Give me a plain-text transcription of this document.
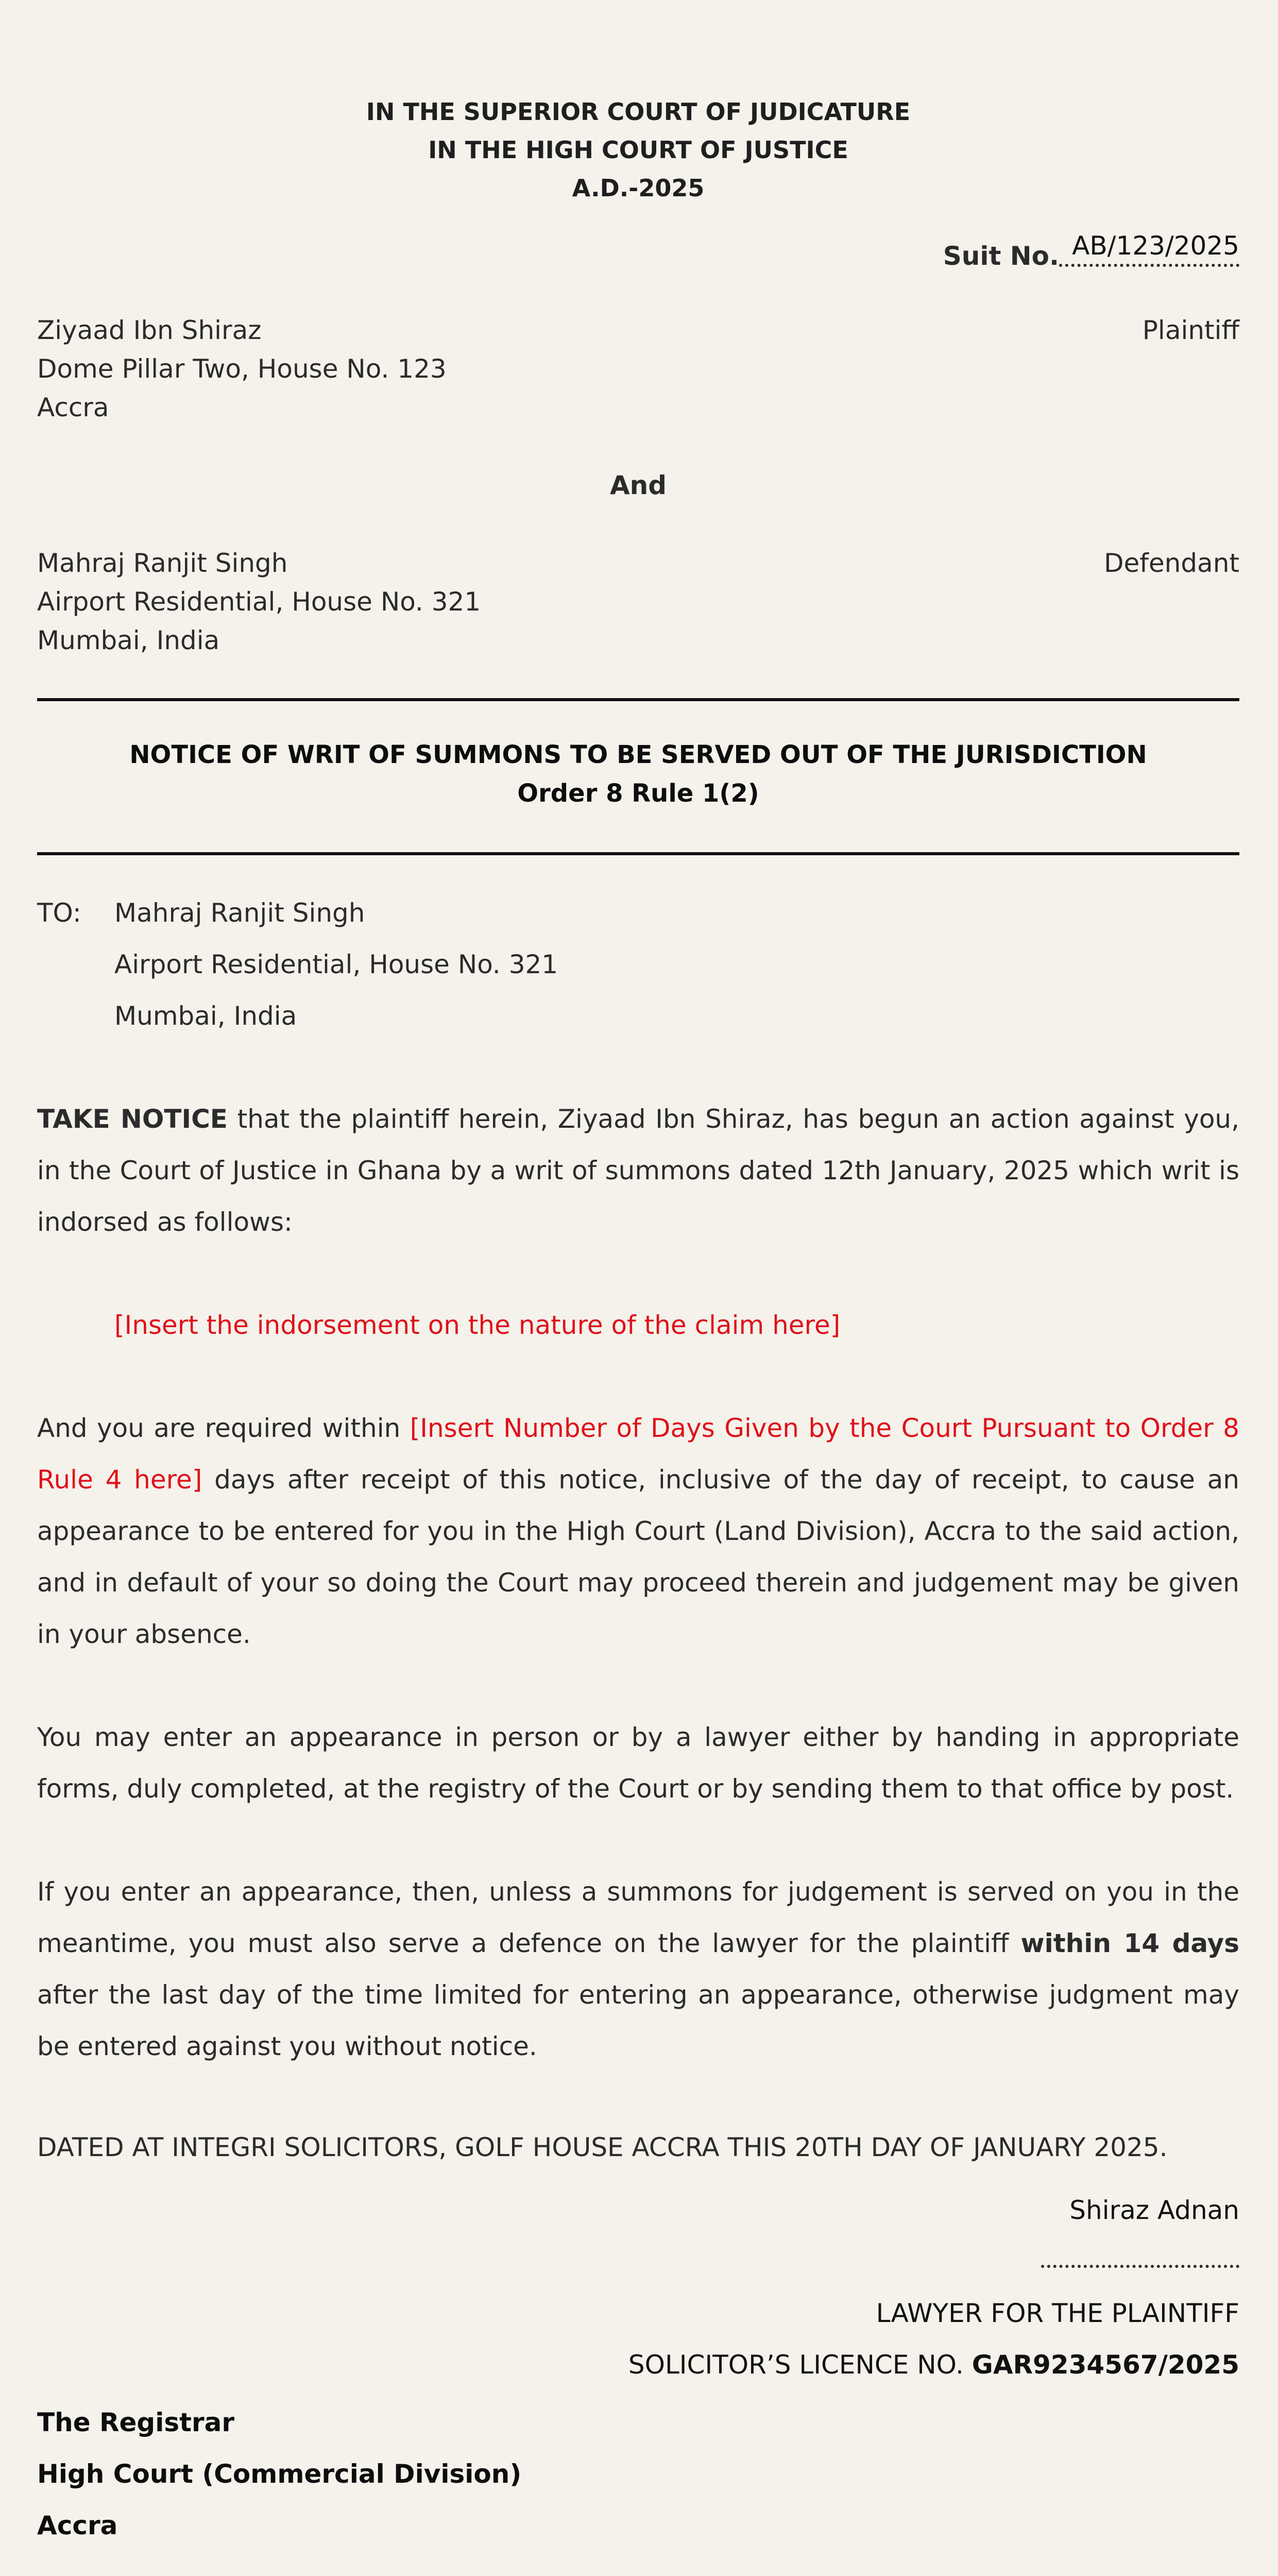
IN THE SUPERIOR COURT OF JUDICATURE
IN THE HIGH COURT OF JUSTICE
A.D.-2025
Suit No. AB/123/2025
Ziyaad Ibn Shiraz
Dome Pillar Two, House No. 123
Accra
Plaintiff
And
Mahraj Ranjit Singh
Airport Residential, House No. 321
Mumbai, India
Defendant
NOTICE OF WRIT OF SUMMONS TO BE SERVED OUT OF THE JURISDICTION
Order 8 Rule 1(2)
TO:	Mahraj Ranjit Singh
Airport Residential, House No. 321
Mumbai, India
TAKE NOTICE that the plaintiff herein, Ziyaad Ibn Shiraz, has begun an action against you, in the Court of Justice in Ghana by a writ of summons dated 12th January, 2025 which writ is indorsed as follows:
[Insert the indorsement on the nature of the claim here]
And you are required within [Insert Number of Days Given by the Court Pursuant to Order 8 Rule 4 here] days after receipt of this notice, inclusive of the day of receipt, to cause an appearance to be entered for you in the High Court (Land Division), Accra to the said action, and in default of your so doing the Court may proceed therein and judgement may be given in your absence.
You may enter an appearance in person or by a lawyer either by handing in appropriate forms, duly completed, at the registry of the Court or by sending them to that office by post.
If you enter an appearance, then, unless a summons for judgement is served on you in the meantime, you must also serve a defence on the lawyer for the plaintiff within 14 days after the last day of the time limited for entering an appearance, otherwise judgment may be entered against you without notice.
DATED AT INTEGRI SOLICITORS, GOLF HOUSE ACCRA THIS 20TH DAY OF JANUARY 2025.
Shiraz Adnan
LAWYER FOR THE PLAINTIFF
SOLICITOR’S LICENCE NO. GAR9234567/2025
The Registrar
High Court (Commercial Division)
Accra
